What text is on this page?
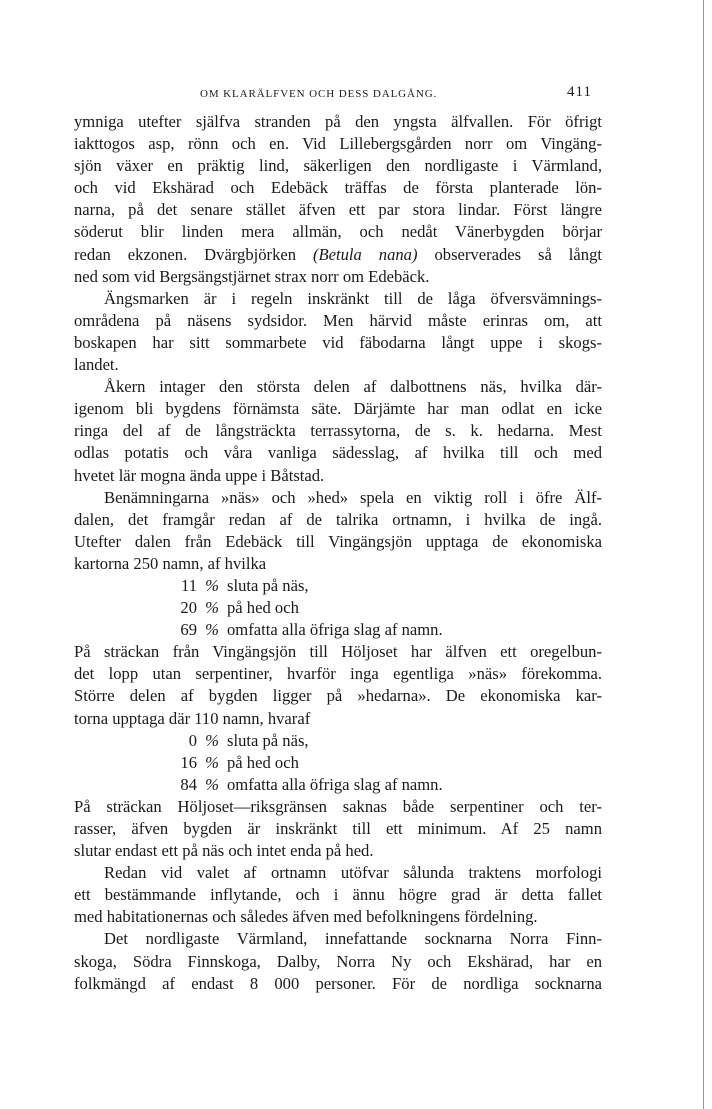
OM KLARÄLFVEN OCH DESS DALGÅNG.	411
ymniga utefter själfva stranden på den yngsta älfvallen. För öfrigt
iakttogos asp, rönn och en. Vid Lillebergsgården norr om Vingäng-
sjön växer en präktig lind, säkerligen den nordligaste i Värmland,
och vid Ekshärad och Edebäck träffas de första planterade lön-
narna, på det senare stället äfven ett par stora lindar. Först längre
söderut blir linden mera allmän, och nedåt Vänerbygden börjar
redan ekzonen. Dvärgbjörken (Betula nana) observerades så långt
ned som vid Bergsängstjärnet strax norr om Edebäck.
Ängsmarken är i regeln inskränkt till de låga öfversvämnings-
områdena på näsens sydsidor. Men härvid måste erinras om, att
boskapen har sitt sommarbete vid fäbodarna långt uppe i skogs-
landet.
Åkern intager den största delen af dalbottnens näs, hvilka där-
igenom bli bygdens förnämsta säte. Därjämte har man odlat en icke
ringa del af de långsträckta terrassytorna, de s. k. hedarna. Mest
odlas potatis och våra vanliga sädesslag, af hvilka till och med
hvetet lär mogna ända uppe i Båtstad.
Benämningarna »näs» och »hed» spela en viktig roll i öfre Älf-
dalen, det framgår redan af de talrika ortnamn, i hvilka de ingå.
Utefter dalen från Edebäck till Vingängsjön upptaga de ekonomiska
kartorna 250 namn, af hvilka
11 % sluta på näs,
20 % på hed och
69 % omfatta alla öfriga slag af namn.
På sträckan från Vingängsjön till Höljoset har älfven ett oregelbun-
det lopp utan serpentiner, hvarför inga egentliga »näs» förekomma.
Större delen af bygden ligger på »hedarna». De ekonomiska kar-
torna upptaga där 110 namn, hvaraf
0 % sluta på näs,
16 % på hed och
84 % omfatta alla öfriga slag af namn.
På sträckan Höljoset—riksgränsen saknas både serpentiner och ter-
rasser, äfven bygden är inskränkt till ett minimum. Af 25 namn
slutar endast ett på näs och intet enda på hed.
Redan vid valet af ortnamn utöfvar sålunda traktens morfologi
ett bestämmande inflytande, och i ännu högre grad är detta fallet
med habitationernas och således äfven med befolkningens fördelning.
Det nordligaste Värmland, innefattande socknarna Norra Finn-
skoga, Södra Finnskoga, Dalby, Norra Ny och Ekshärad, har en
folkmängd af endast 8 000 personer. För de nordliga socknarna
